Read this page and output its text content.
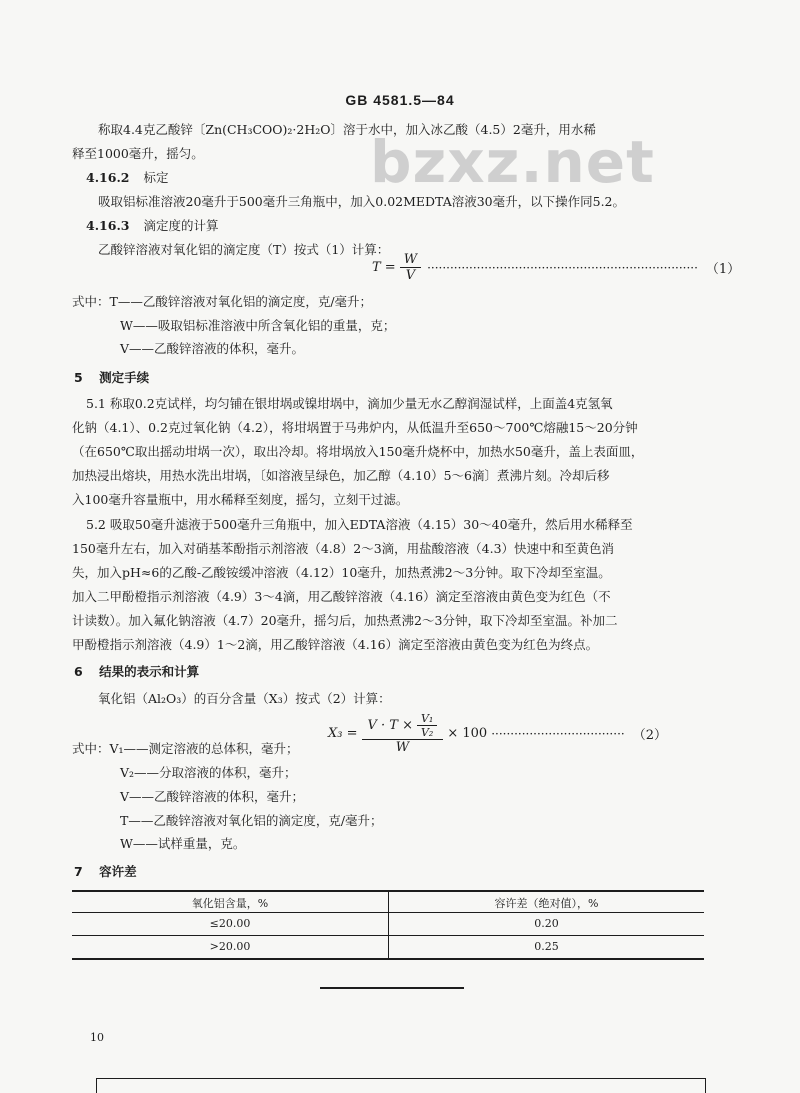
GB 4581.5—84
bzxz.net
称取4.4克乙酸锌〔Zn(CH₃COO)₂·2H₂O〕溶于水中，加入冰乙酸（4.5）2毫升，用水稀
释至1000毫升，摇匀。
4.16.2 标定
吸取铝标准溶液20毫升于500毫升三角瓶中，加入0.02MEDTA溶液30毫升，以下操作同5.2。
4.16.3 滴定度的计算
乙酸锌溶液对氧化铝的滴定度（T）按式（1）计算：
$T = \frac{W}{V}$ ······································································· （1）
式中：T——乙酸锌溶液对氧化铝的滴定度，克/毫升；
W——吸取铝标准溶液中所含氧化铝的重量，克；
V——乙酸锌溶液的体积，毫升。
5 测定手续
5.1 称取0.2克试样，均匀铺在银坩埚或镍坩埚中，滴加少量无水乙醇润湿试样，上面盖4克氢氧
化钠（4.1）、0.2克过氧化钠（4.2），将坩埚置于马弗炉内，从低温升至650～700℃熔融15～20分钟
（在650℃取出摇动坩埚一次），取出冷却。将坩埚放入150毫升烧杯中，加热水50毫升，盖上表面皿，
加热浸出熔块，用热水洗出坩埚，〔如溶液呈绿色，加乙醇（4.10）5～6滴〕煮沸片刻。冷却后移
入100毫升容量瓶中，用水稀释至刻度，摇匀，立刻干过滤。
5.2 吸取50毫升滤液于500毫升三角瓶中，加入EDTA溶液（4.15）30～40毫升，然后用水稀释至
150毫升左右，加入对硝基苯酚指示剂溶液（4.8）2～3滴，用盐酸溶液（4.3）快速中和至黄色消
失，加入pH≈6的乙酸-乙酸铵缓冲溶液（4.12）10毫升，加热煮沸2～3分钟。取下冷却至室温。
加入二甲酚橙指示剂溶液（4.9）3～4滴，用乙酸锌溶液（4.16）滴定至溶液由黄色变为红色（不
计读数）。加入氟化钠溶液（4.7）20毫升，摇匀后，加热煮沸2～3分钟，取下冷却至室温。补加二
甲酚橙指示剂溶液（4.9）1～2滴，用乙酸锌溶液（4.16）滴定至溶液由黄色变为红色为终点。
6 结果的表示和计算
氧化铝（Al₂O₃）的百分含量（X₃）按式（2）计算：
$X_3 = \frac{V \cdot T \times \frac{\text{V₁}}{\text{V₂}}}{W} \times 100$ ··································· （2）
式中：V₁——测定溶液的总体积，毫升；
V₂——分取溶液的体积，毫升；
V——乙酸锌溶液的体积，毫升；
T——乙酸锌溶液对氧化铝的滴定度，克/毫升；
W——试样重量，克。
7 容许差
氧化铝含量，%	容许差（绝对值），%
≤20.00	0.20
>20.00	0.25
10
